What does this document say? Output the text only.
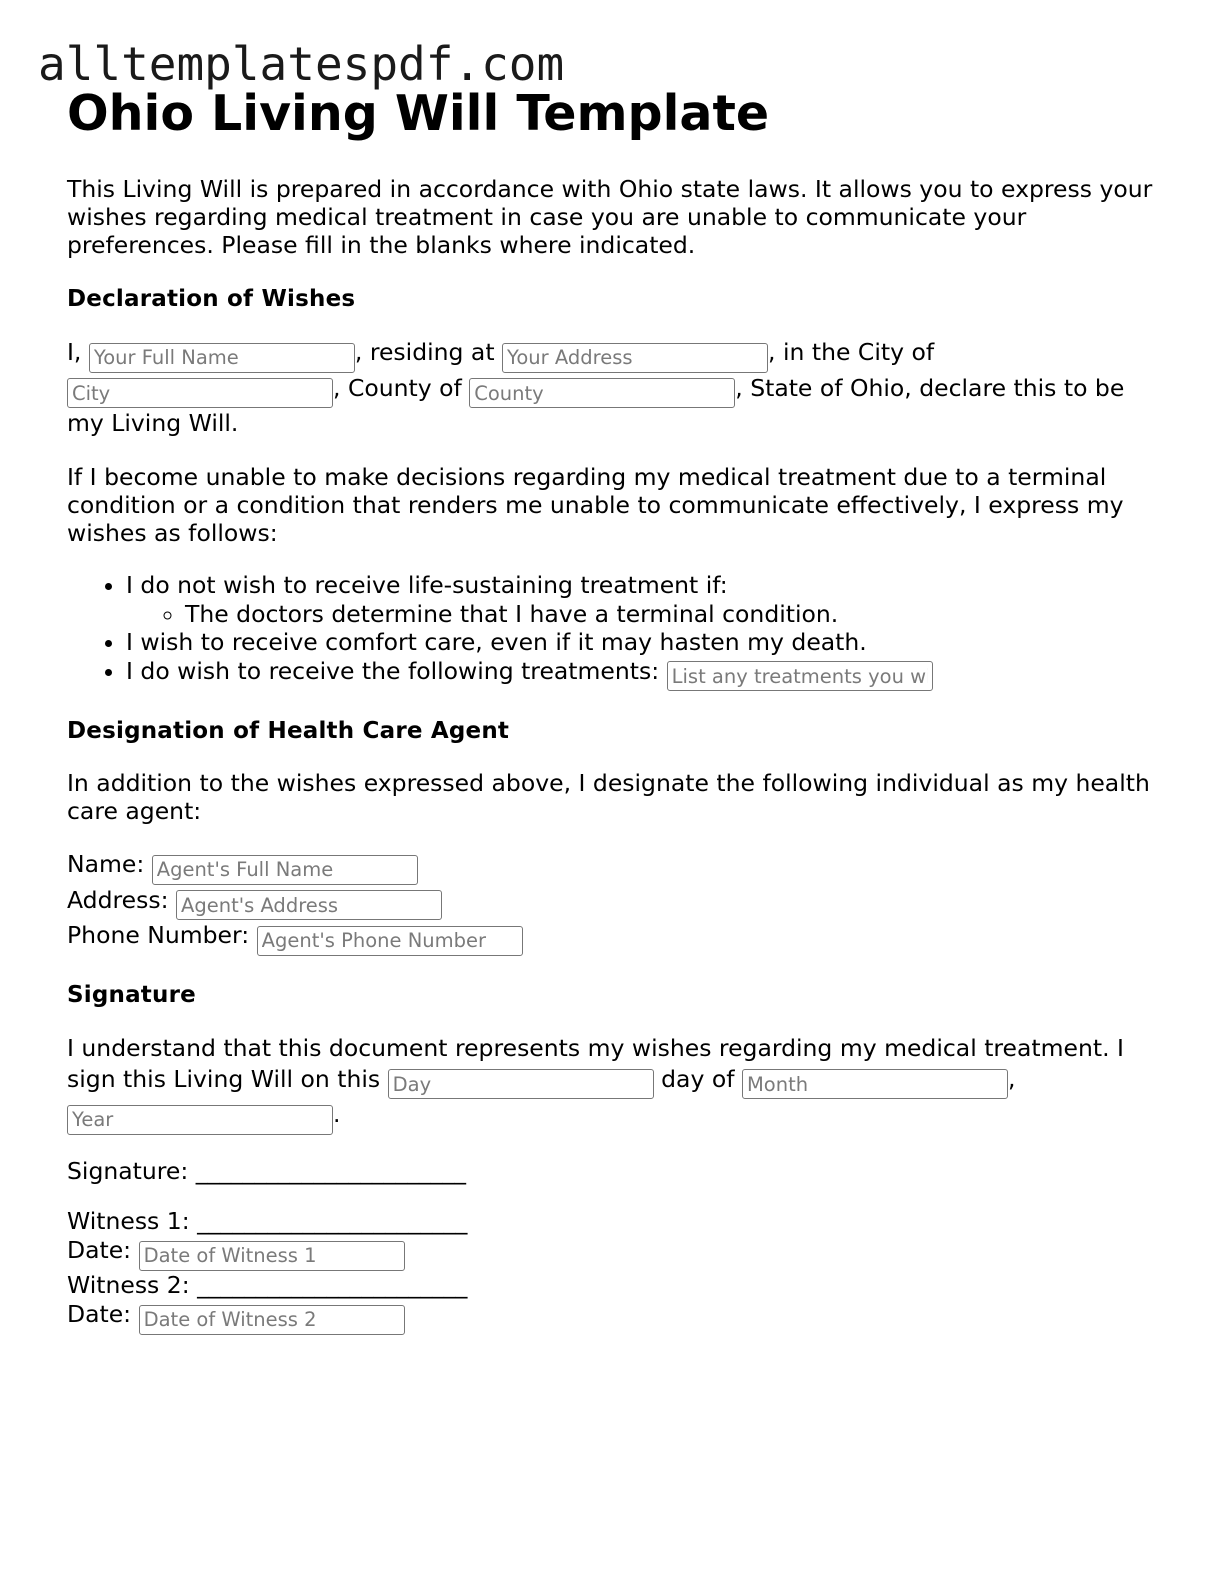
alltemplatespdf.com
Ohio Living Will Template

This Living Will is prepared in accordance with Ohio state laws. It allows you to express your wishes regarding medical treatment in case you are unable to communicate your preferences. Please fill in the blanks where indicated.

Declaration of Wishes

I, Your Full Name	, residing at Your Address	, in the City of City, County of County	, State of Ohio, declare this to be my Living Will.

If I become unable to make decisions regarding my medical treatment due to a terminal condition or a condition that renders me unable to communicate effectively, I express my wishes as follows:

• I do not wish to receive life-sustaining treatment if:
◦ The doctors determine that I have a terminal condition.
• I wish to receive comfort care, even if it may hasten my death.
• I do wish to receive the following treatments: List any treatments you wish to receive
Designation of Health Care Agent

In addition to the wishes expressed above, I designate the following individual as my health care agent:

Name: Agent's Full Name
Address: Agent's Address
Phone Number: Agent's Phone Number

Signature

I understand that this document represents my wishes regarding my medical treatment. I sign this Living Will on this Day	day of Month	, Year.

Signature: _______________________

Witness 1: _______________________
Date: Date of Witness 1
Witness 2: _______________________
Date: Date of Witness 2
